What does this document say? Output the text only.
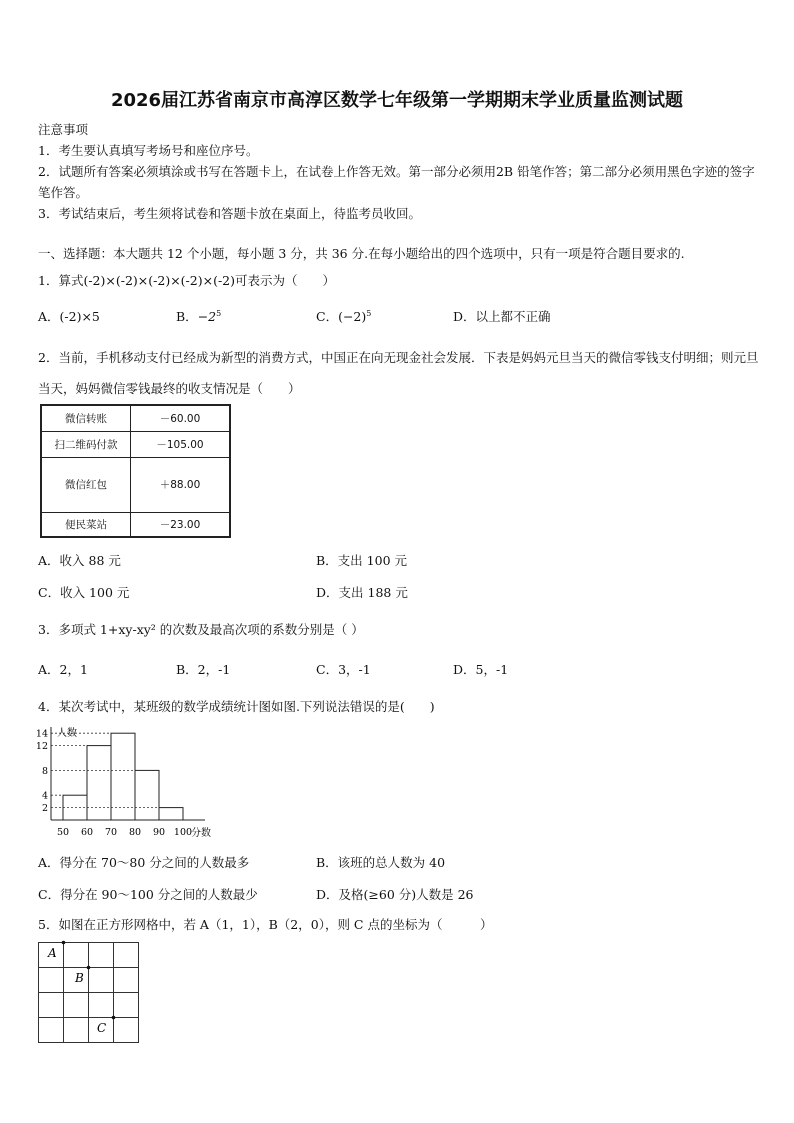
2026届江苏省南京市高淳区数学七年级第一学期期末学业质量监测试题
注意事项
1．考生要认真填写考场号和座位序号。
2．试题所有答案必须填涂或书写在答题卡上，在试卷上作答无效。第一部分必须用2B 铅笔作答；第二部分必须用黑色字迹的签字笔作答。
3．考试结束后，考生须将试卷和答题卡放在桌面上，待监考员收回。
一、选择题：本大题共 12 个小题，每小题 3 分，共 36 分.在每小题给出的四个选项中，只有一项是符合题目要求的.
1．算式(-2)×(-2)×(-2)×(-2)×(-2)可表示为（　　）
A．(-2)×5	B．$-2^5$	C．$(-2)^5$	D．以上都不正确
2．当前，手机移动支付已经成为新型的消费方式，中国正在向无现金社会发展．下表是妈妈元旦当天的微信零钱支付明细；则元旦当天，妈妈微信零钱最终的收支情况是（　　）
微信转账	－60.00
扫二维码付款	－105.00
微信红包	＋88.00
便民菜站	－23.00
A．收入 88 元	B．支出 100 元
C．收入 100 元	D．支出 188 元
3．多项式 1+xy-xy² 的次数及最高次项的系数分别是（ ）
A．2，1	B．2，-1	C．3，-1	D．5，-1
4．某次考试中，某班级的数学成绩统计图如图.下列说法错误的是(　　)
2
4
8
12
14
50 60 70 80 90 100
人数
分数
A．得分在 70～80 分之间的人数最多	B．该班的总人数为 40
C．得分在 90～100 分之间的人数最少	D．及格(≥60 分)人数是 26
5．如图在正方形网格中，若 A（1，1），B（2，0），则 C 点的坐标为（　　　）
A
B
C
